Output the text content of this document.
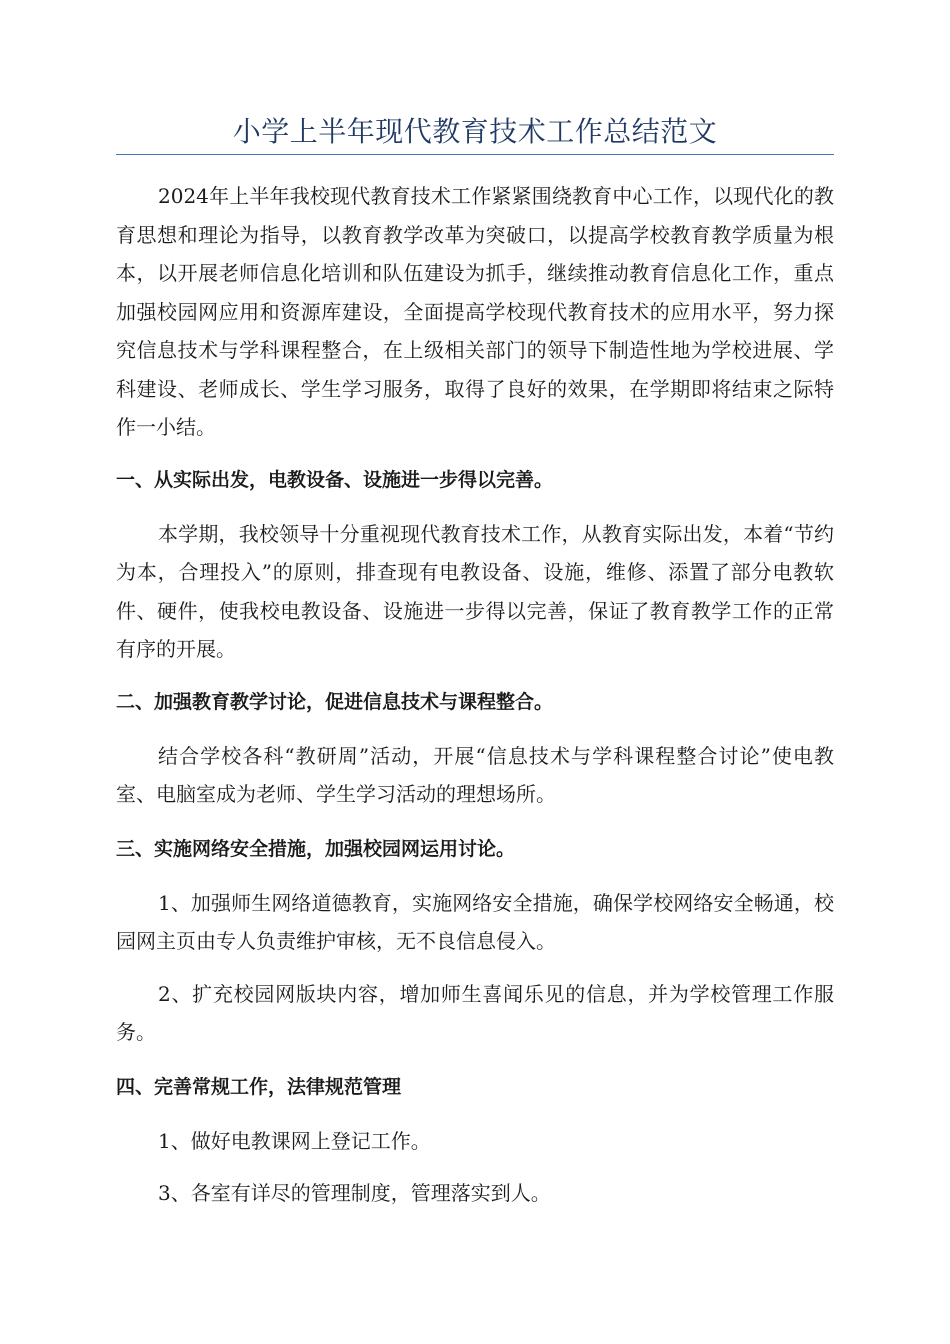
小学上半年现代教育技术工作总结范文

2024年上半年我校现代教育技术工作紧紧围绕教育中心工作，以现代化的教育思想和理论为指导，以教育教学改革为突破口，以提高学校教育教学质量为根本，以开展老师信息化培训和队伍建设为抓手，继续推动教育信息化工作，重点加强校园网应用和资源库建设，全面提高学校现代教育技术的应用水平，努力探究信息技术与学科课程整合，在上级相关部门的领导下制造性地为学校进展、学科建设、老师成长、学生学习服务，取得了良好的效果，在学期即将结束之际特作一小结。

一、从实际出发，电教设备、设施进一步得以完善。

本学期，我校领导十分重视现代教育技术工作，从教育实际出发，本着“节约为本，合理投入”的原则，排查现有电教设备、设施，维修、添置了部分电教软件、硬件，使我校电教设备、设施进一步得以完善，保证了教育教学工作的正常有序的开展。

二、加强教育教学讨论，促进信息技术与课程整合。

结合学校各科“教研周”活动，开展“信息技术与学科课程整合讨论”使电教室、电脑室成为老师、学生学习活动的理想场所。

三、实施网络安全措施，加强校园网运用讨论。

1、加强师生网络道德教育，实施网络安全措施，确保学校网络安全畅通，校园网主页由专人负责维护审核，无不良信息侵入。

2、扩充校园网版块内容，增加师生喜闻乐见的信息，并为学校管理工作服务。

四、完善常规工作，法律规范管理

1、做好电教课网上登记工作。

3、各室有详尽的管理制度，管理落实到人。
